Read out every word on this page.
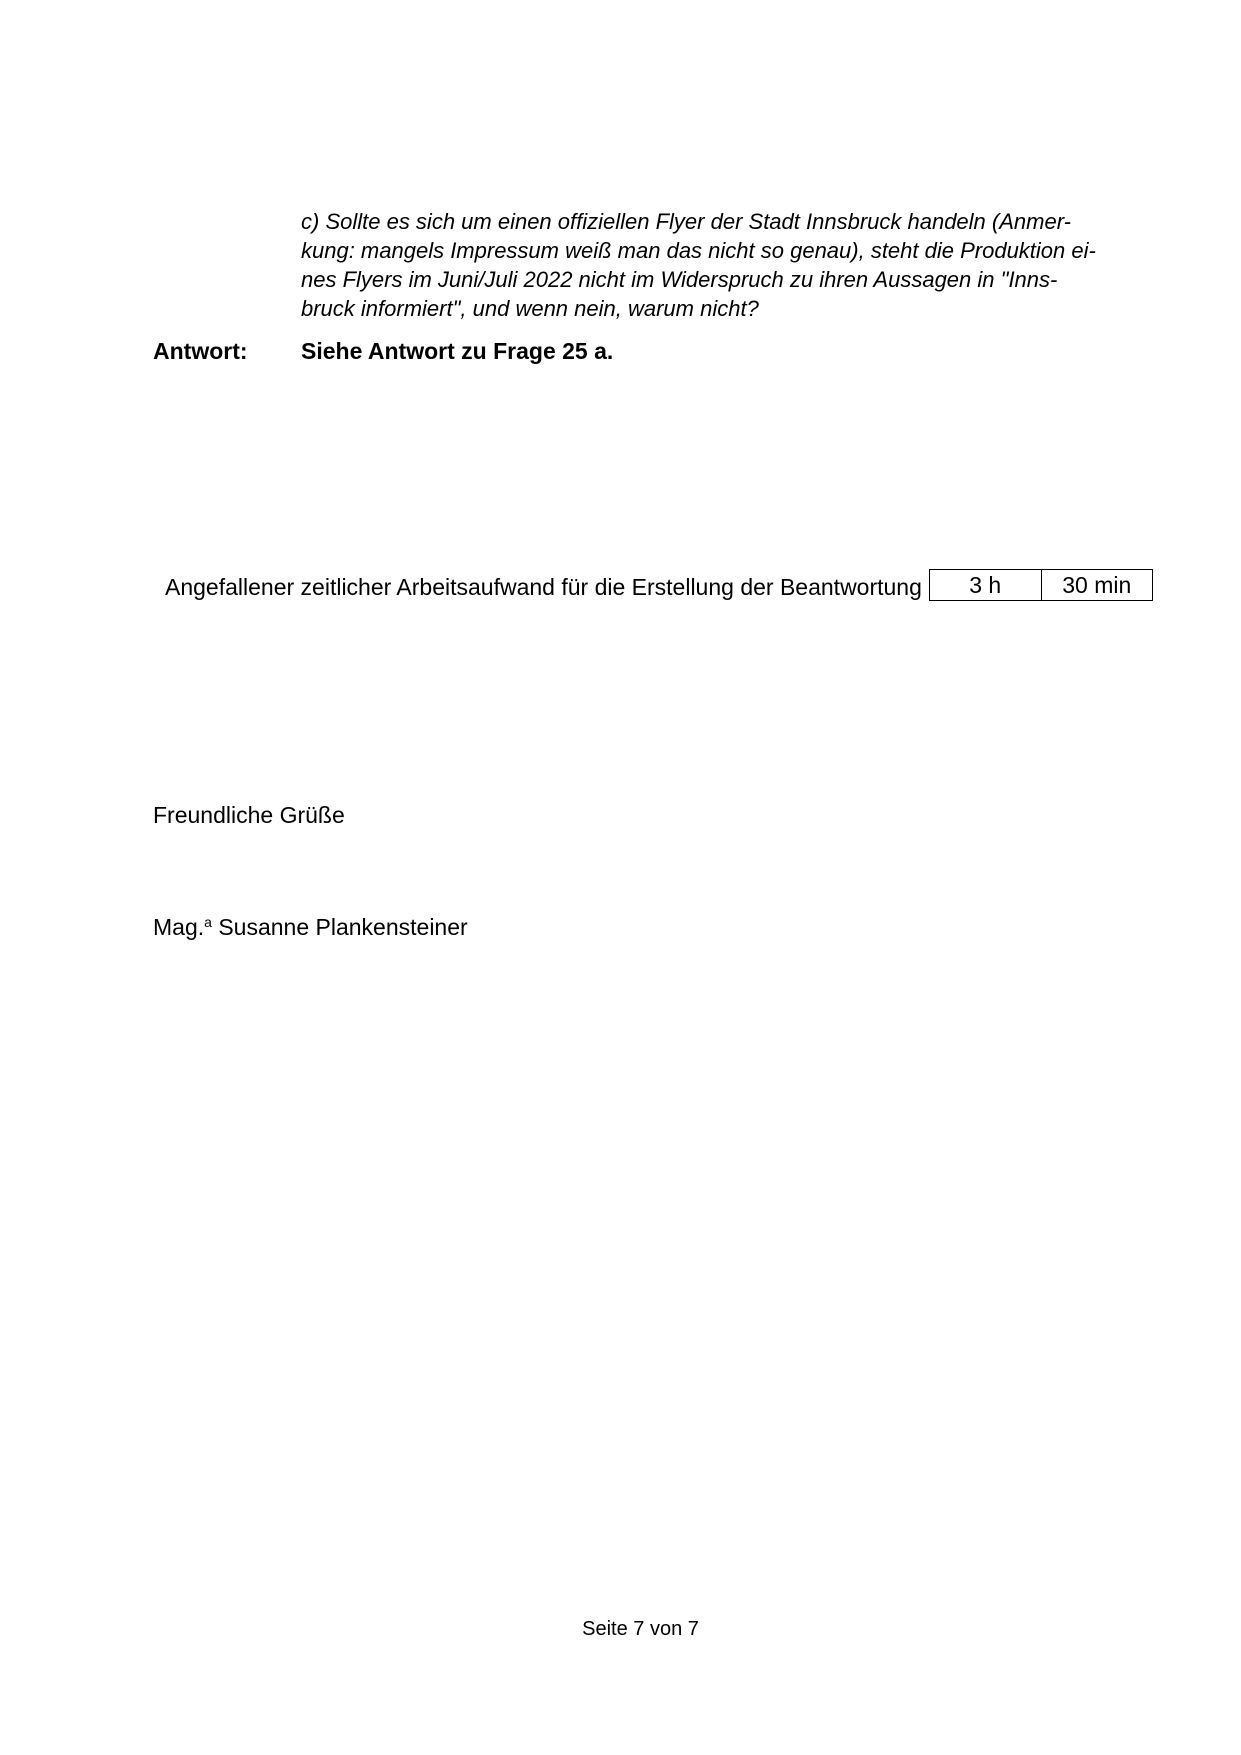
c) Sollte es sich um einen offiziellen Flyer der Stadt Innsbruck handeln (Anmer-
kung: mangels Impressum weiß man das nicht so genau), steht die Produktion ei-
nes Flyers im Juni/Juli 2022 nicht im Widerspruch zu ihren Aussagen in "Inns-
bruck informiert", und wenn nein, warum nicht?
Antwort: Siehe Antwort zu Frage 25 a.
Angefallener zeitlicher Arbeitsaufwand für die Erstellung der Beantwortung	3 h	30 min
Freundliche Grüße
Mag.$^a$ Susanne Plankensteiner
Seite 7 von 7
